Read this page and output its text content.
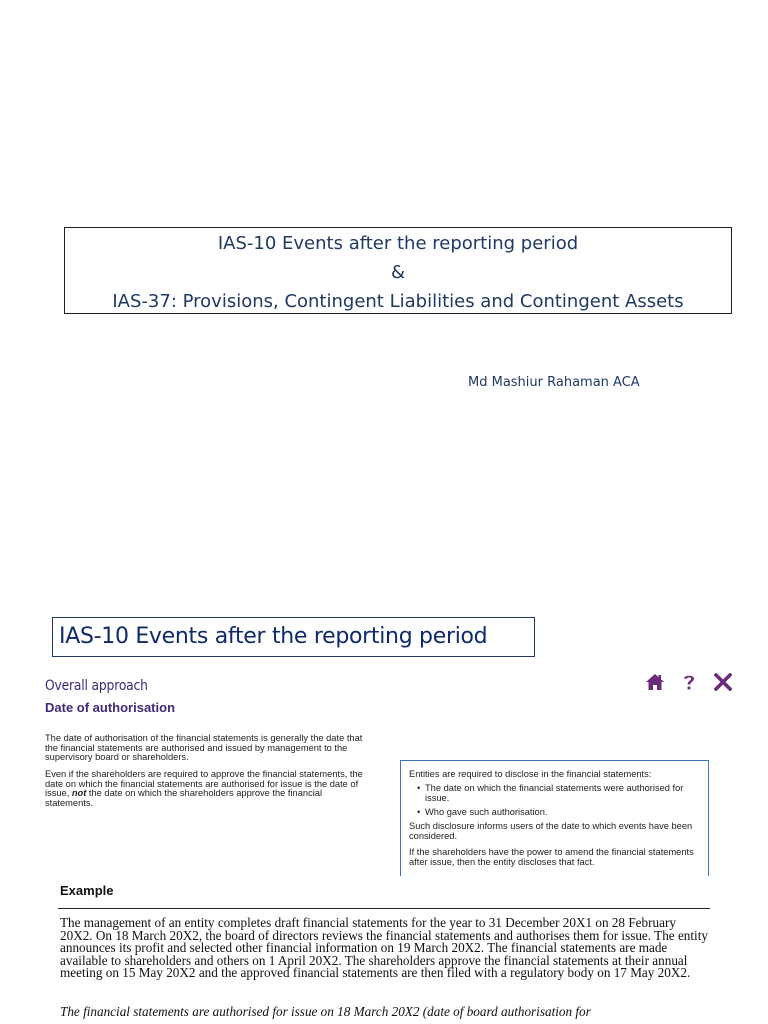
IAS-10 Events after the reporting period
&
IAS-37: Provisions, Contingent Liabilities and Contingent Assets
Md Mashiur Rahaman ACA
IAS-10 Events after the reporting period
Overall approach
Date of authorisation
The date of authorisation of the financial statements is generally the date that the financial statements are authorised and issued by management to the supervisory board or shareholders.
Even if the shareholders are required to approve the financial statements, the date on which the financial statements are authorised for issue is the date of issue, not the date on which the shareholders approve the financial statements.

Entities are required to disclose in the financial statements:

• The date on which the financial statements were authorised for issue.
• Who gave such authorisation.

Such disclosure informs users of the date to which events have been considered.

If the shareholders have the power to amend the financial statements after issue, then the entity discloses that fact.

Example
The management of an entity completes draft financial statements for the year to 31 December 20X1 on 28 February 20X2. On 18 March 20X2, the board of directors reviews the financial statements and authorises them for issue. The entity announces its profit and selected other financial information on 19 March 20X2. The financial statements are made available to shareholders and others on 1 April 20X2. The shareholders approve the financial statements at their annual meeting on 15 May 20X2 and the approved financial statements are then filed with a regulatory body on 17 May 20X2.
The financial statements are authorised for issue on 18 March 20X2 (date of board authorisation for
